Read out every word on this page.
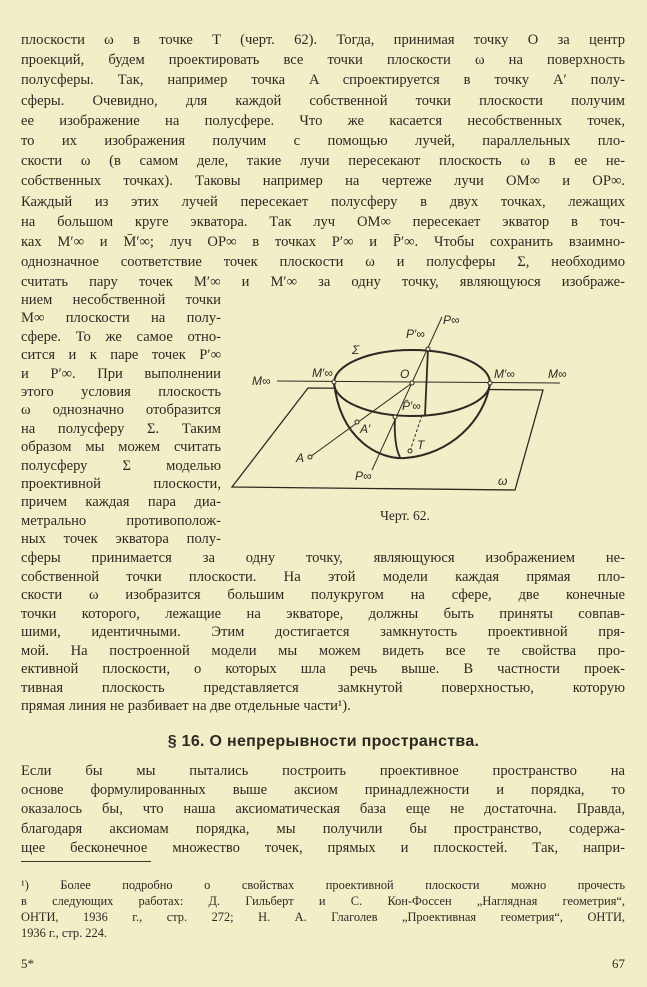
плоскости ω в точке T (черт. 62). Тогда, принимая точку O за центр
проекций, будем проектировать все точки плоскости ω на поверхность
полусферы. Так, например точка A спроектируется в точку A′ полу-
сферы. Очевидно, для каждой собственной точки плоскости получим
ее изображение на полусфере. Что же касается несобственных точек,
то их изображения получим с помощью лучей, параллельных пло-
скости ω (в самом деле, такие лучи пересекают плоскость ω в ее не-
собственных точках). Таковы например на чертеже лучи OM∞ и OP∞.
Каждый из этих лучей пересекает полусферу в двух точках, лежащих
на большом круге экватора. Так луч OM∞ пересекает экватор в точ-
ках M′∞ и M̄′∞; луч OP∞ в точках P′∞ и P̄′∞. Чтобы сохранить взаимно-
однозначное соответствие точек плоскости ω и полусферы Σ, необходимо
считать пару точек M′∞ и M′∞ за одну точку, являющуюся изображе-
нием несобственной точки
M∞ плоскости на полу-
сфере. То же самое отно-
сится и к паре точек P′∞
и P′∞. При выполнении
этого условия плоскость
ω однозначно отобразится
на полусферу Σ. Таким
образом мы можем считать
полусферу Σ моделью
проективной плоскости,
причем каждая пара диа-
метрально противополож-
ных точек экватора полу-
P∞
P′∞
Σ
M∞
M′∞	O	M′∞	M∞
P̄′∞
A′
T
A
P∞	ω
Черт. 62.
сферы принимается за одну точку, являющуюся изображением не-
собственной точки плоскости. На этой модели каждая прямая пло-
скости ω изобразится большим полукругом на сфере, две конечные
точки которого, лежащие на экваторе, должны быть приняты совпав-
шими, идентичными. Этим достигается замкнутость проективной пря-
мой. На построенной модели мы можем видеть все те свойства про-
ективной плоскости, о которых шла речь выше. В частности проек-
тивная плоскость представляется замкнутой поверхностью, которую
прямая линия не разбивает на две отдельные части¹).
§ 16. О непрерывности пространства.
Если бы мы пытались построить проективное пространство на
основе формулированных выше аксиом принадлежности и порядка, то
оказалось бы, что наша аксиоматическая база еще не достаточна. Правда,
благодаря аксиомам порядка, мы получили бы пространство, содержа-
щее бесконечное множество точек, прямых и плоскостей. Так, напри-
¹) Более подробно о свойствах проективной плоскости можно прочесть
в следующих работах: Д. Гильберт и С. Кон-Фоссен „Наглядная геометрия“,
ОНТИ, 1936 г., стр. 272; Н. А. Глаголев „Проективная геометрия“, ОНТИ,
1936 г., стр. 224.
5*	67
